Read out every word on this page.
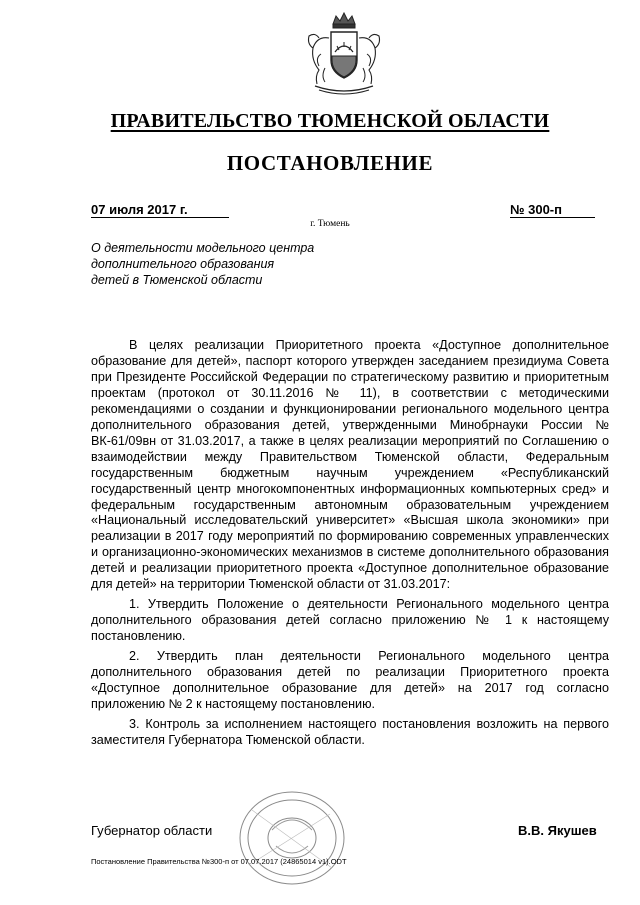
ПРАВИТЕЛЬСТВО ТЮМЕНСКОЙ ОБЛАСТИ
ПОСТАНОВЛЕНИЕ
07 июля 2017 г.	№ 300-п
г. Тюмень
О деятельности модельного центра
дополнительного образования
детей в Тюменской области

В целях реализации Приоритетного проекта «Доступное дополнительное образование для детей», паспорт которого утвержден заседанием президиума Совета при Президенте Российской Федерации по стратегическому развитию и приоритетным проектам (протокол от 30.11.2016 № 11), в соответствии с методическими рекомендациями о создании и функционировании регионального модельного центра дополнительного образования детей, утвержденными Минобрнауки России № ВК-61/09вн от 31.03.2017, а также в целях реализации мероприятий по Соглашению о взаимодействии между Правительством Тюменской области, Федеральным государственным бюджетным научным учреждением «Республиканский государственный центр многокомпонентных информационных компьютерных сред» и федеральным государственным автономным образовательным учреждением «Национальный исследовательский университет» «Высшая школа экономики» при реализации в 2017 году мероприятий по формированию современных управленческих и организационно-экономических механизмов в системе дополнительного образования детей и реализации приоритетного проекта «Доступное дополнительное образование для детей» на территории Тюменской области от 31.03.2017:

1. Утвердить Положение о деятельности Регионального модельного центра дополнительного образования детей согласно приложению № 1 к настоящему постановлению.

2. Утвердить план деятельности Регионального модельного центра дополнительного образования детей по реализации Приоритетного проекта «Доступное дополнительное образование для детей» на 2017 год согласно приложению № 2 к настоящему постановлению.

3. Контроль за исполнением настоящего постановления возложить на первого заместителя Губернатора Тюменской области.

Губернатор области	В.В. Якушев
Постановление Правительства №300-п от 07.07.2017 (24865014 v1).ODT
